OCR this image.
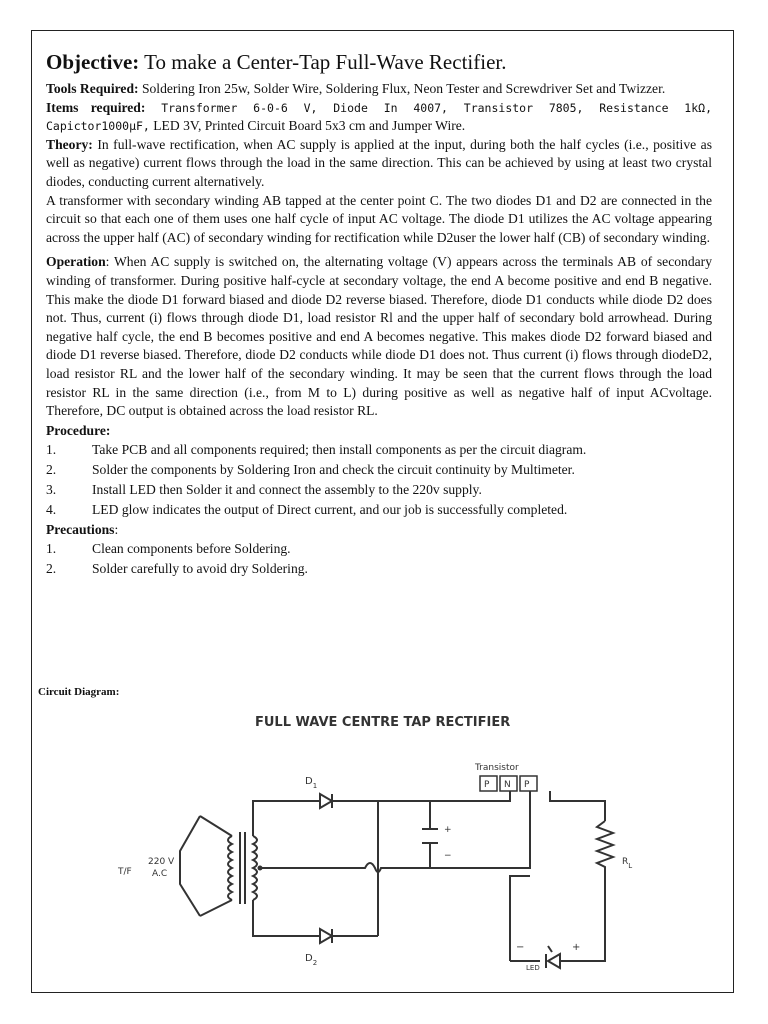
Objective: To make a Center-Tap Full-Wave Rectifier.

Tools Required: Soldering Iron 25w, Solder Wire, Soldering Flux, Neon Tester and Screwdriver Set and Twizzer.

Items required: Transformer 6-0-6 V, Diode In 4007, Transistor 7805, Resistance 1kΩ, Capictor1000µF, LED 3V, Printed Circuit Board 5x3 cm and Jumper Wire.

Theory: In full-wave rectification, when AC supply is applied at the input, during both the half cycles (i.e., positive as well as negative) current flows through the load in the same direction. This can be achieved by using at least two crystal diodes, conducting current alternatively.

A transformer with secondary winding AB tapped at the center point C. The two diodes D1 and D2 are connected in the circuit so that each one of them uses one half cycle of input AC voltage. The diode D1 utilizes the AC voltage appearing across the upper half (AC) of secondary winding for rectification while D2user the lower half (CB) of secondary winding.

Operation: When AC supply is switched on, the alternating voltage (V) appears across the terminals AB of secondary winding of transformer. During positive half-cycle at secondary voltage, the end A become positive and end B negative. This make the diode D1 forward biased and diode D2 reverse biased. Therefore, diode D1 conducts while diode D2 does not. Thus, current (i) flows through diode D1, load resistor Rl and the upper half of secondary bold arrowhead. During negative half cycle, the end B becomes positive and end A becomes negative. This makes diode D2 forward biased and diode D1 reverse biased. Therefore, diode D2 conducts while diode D1 does not. Thus current (i) flows through diodeD2, load resistor RL and the lower half of the secondary winding. It may be seen that the current flows through the load resistor RL in the same direction (i.e., from M to L) during positive as well as negative half of input ACvoltage. Therefore, DC output is obtained across the load resistor RL.

Procedure:
1.	Take PCB and all components required; then install components as per the circuit diagram.
2.	Solder the components by Soldering Iron and check the circuit continuity by Multimeter.
3.	Install LED then Solder it and connect the assembly to the 220v supply.
4.	LED glow indicates the output of Direct current, and our job is successfully completed.
Precautions:
1.	Clean components before Soldering.
2.	Solder carefully to avoid dry Soldering.
Circuit Diagram:
FULL WAVE CENTRE TAP RECTIFIER
T/F
220 V
A.C
$D_1$
$D_2$
Transistor
P N P
+
−
$R_L$
LED
−	+
